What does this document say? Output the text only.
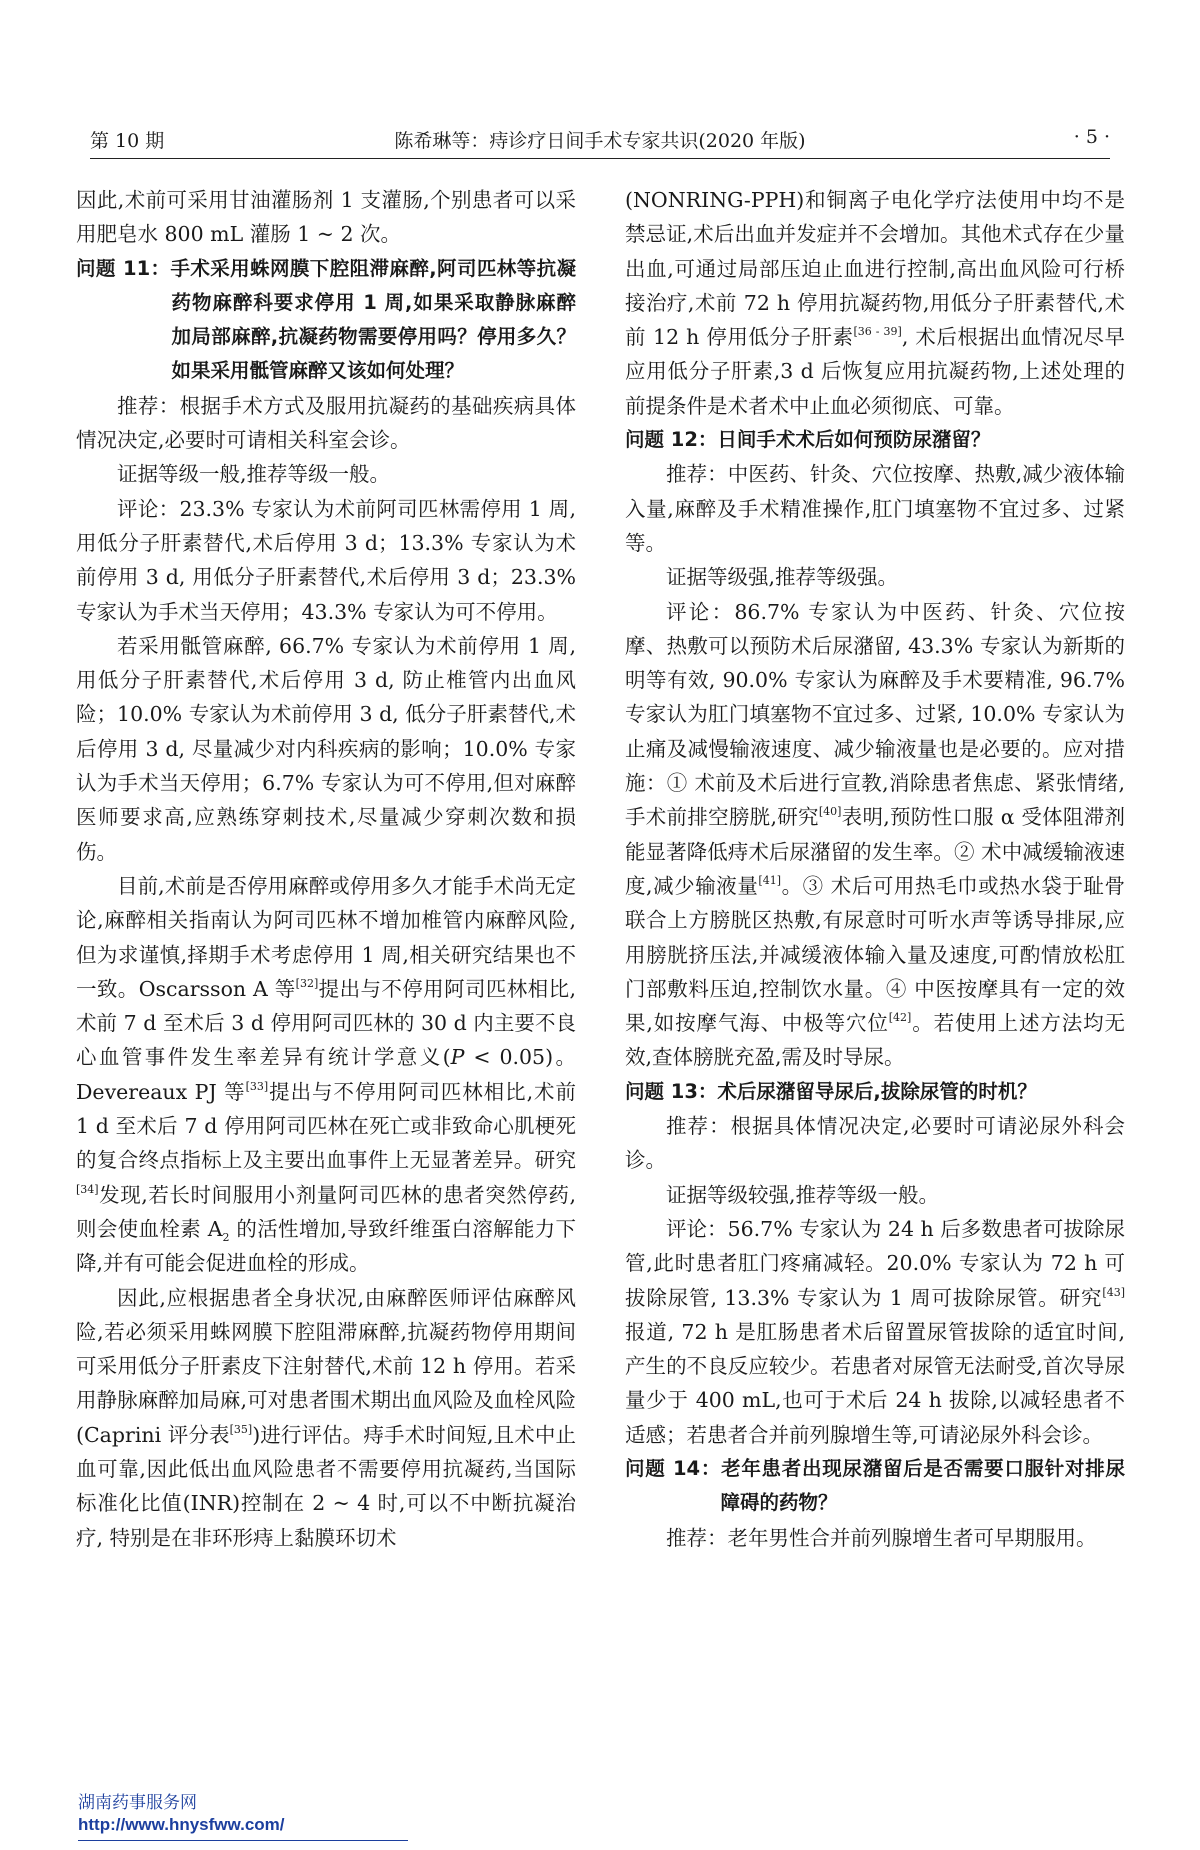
第 10 期	陈希琳等：痔诊疗日间手术专家共识(2020 年版)	· 5 ·

因此,术前可采用甘油灌肠剂 1 支灌肠,个别患者可以采用肥皂水 800 mL 灌肠 1 ~ 2 次。

问题 11：手术采用蛛网膜下腔阻滞麻醉,阿司匹林等抗凝药物麻醉科要求停用 1 周,如果采取静脉麻醉加局部麻醉,抗凝药物需要停用吗？停用多久？如果采用骶管麻醉又该如何处理？

推荐：根据手术方式及服用抗凝药的基础疾病具体情况决定,必要时可请相关科室会诊。

证据等级一般,推荐等级一般。

评论：23.3% 专家认为术前阿司匹林需停用 1 周,用低分子肝素替代,术后停用 3 d；13.3% 专家认为术前停用 3 d, 用低分子肝素替代,术后停用 3 d；23.3% 专家认为手术当天停用；43.3% 专家认为可不停用。

若采用骶管麻醉, 66.7% 专家认为术前停用 1 周,用低分子肝素替代,术后停用 3 d, 防止椎管内出血风险；10.0% 专家认为术前停用 3 d, 低分子肝素替代,术后停用 3 d, 尽量减少对内科疾病的影响；10.0% 专家认为手术当天停用；6.7% 专家认为可不停用,但对麻醉医师要求高,应熟练穿刺技术,尽量减少穿刺次数和损伤。

目前,术前是否停用麻醉或停用多久才能手术尚无定论,麻醉相关指南认为阿司匹林不增加椎管内麻醉风险,但为求谨慎,择期手术考虑停用 1 周,相关研究结果也不一致。Oscarsson A 等[32]提出与不停用阿司匹林相比,术前 7 d 至术后 3 d 停用阿司匹林的 30 d 内主要不良心血管事件发生率差异有统计学意义(P < 0.05)。Devereaux PJ 等[33]提出与不停用阿司匹林相比,术前 1 d 至术后 7 d 停用阿司匹林在死亡或非致命心肌梗死的复合终点指标上及主要出血事件上无显著差异。研究[34]发现,若长时间服用小剂量阿司匹林的患者突然停药,则会使血栓素 $A_2$ 的活性增加,导致纤维蛋白溶解能力下降,并有可能会促进血栓的形成。

因此,应根据患者全身状况,由麻醉医师评估麻醉风险,若必须采用蛛网膜下腔阻滞麻醉,抗凝药物停用期间可采用低分子肝素皮下注射替代,术前 12 h 停用。若采用静脉麻醉加局麻,可对患者围术期出血风险及血栓风险(Caprini 评分表[35])进行评估。痔手术时间短,且术中止血可靠,因此低出血风险患者不需要停用抗凝药,当国际标准化比值(INR)控制在 2 ~ 4 时,可以不中断抗凝治疗, 特别是在非环形痔上黏膜环切术

(NONRING-PPH)和铜离子电化学疗法使用中均不是禁忌证,术后出血并发症并不会增加。其他术式存在少量出血,可通过局部压迫止血进行控制,高出血风险可行桥接治疗,术前 72 h 停用抗凝药物,用低分子肝素替代,术前 12 h 停用低分子肝素[36 - 39], 术后根据出血情况尽早应用低分子肝素,3 d 后恢复应用抗凝药物,上述处理的前提条件是术者术中止血必须彻底、可靠。

问题 12：日间手术术后如何预防尿潴留？

推荐：中医药、针灸、穴位按摩、热敷,减少液体输入量,麻醉及手术精准操作,肛门填塞物不宜过多、过紧等。

证据等级强,推荐等级强。

评论：86.7% 专家认为中医药、针灸、穴位按摩、热敷可以预防术后尿潴留, 43.3% 专家认为新斯的明等有效, 90.0% 专家认为麻醉及手术要精准, 96.7% 专家认为肛门填塞物不宜过多、过紧, 10.0% 专家认为止痛及减慢输液速度、减少输液量也是必要的。应对措施：① 术前及术后进行宣教,消除患者焦虑、紧张情绪,手术前排空膀胱,研究[40]表明,预防性口服 α 受体阻滞剂能显著降低痔术后尿潴留的发生率。② 术中减缓输液速度,减少输液量[41]。③ 术后可用热毛巾或热水袋于耻骨联合上方膀胱区热敷,有尿意时可听水声等诱导排尿,应用膀胱挤压法,并减缓液体输入量及速度,可酌情放松肛门部敷料压迫,控制饮水量。④ 中医按摩具有一定的效果,如按摩气海、中极等穴位[42]。若使用上述方法均无效,查体膀胱充盈,需及时导尿。

问题 13：术后尿潴留导尿后,拔除尿管的时机？

推荐：根据具体情况决定,必要时可请泌尿外科会诊。

证据等级较强,推荐等级一般。

评论：56.7% 专家认为 24 h 后多数患者可拔除尿管,此时患者肛门疼痛减轻。20.0% 专家认为 72 h 可拔除尿管, 13.3% 专家认为 1 周可拔除尿管。研究[43]报道, 72 h 是肛肠患者术后留置尿管拔除的适宜时间,产生的不良反应较少。若患者对尿管无法耐受,首次导尿量少于 400 mL,也可于术后 24 h 拔除,以减轻患者不适感；若患者合并前列腺增生等,可请泌尿外科会诊。

问题 14：老年患者出现尿潴留后是否需要口服针对排尿障碍的药物？

推荐：老年男性合并前列腺增生者可早期服用。

湖南药事服务网
http://www.hnysfww.com/
